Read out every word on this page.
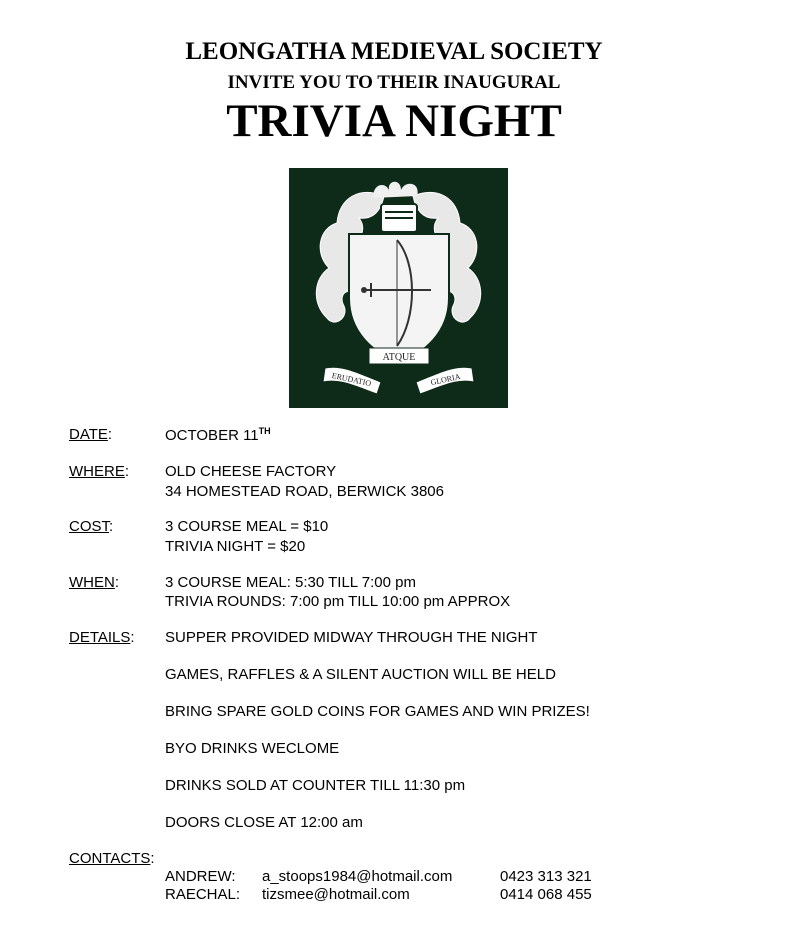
LEONGATHA MEDIEVAL SOCIETY
INVITE YOU TO THEIR INAUGURAL
TRIVIA NIGHT
ATQUE
ERUDATIO	GLORIA
DATE:	OCTOBER 11TH
WHERE: OLD CHEESE FACTORY
34 HOMESTEAD ROAD, BERWICK 3806
COST:	3 COURSE MEAL = $10
TRIVIA NIGHT = $20
WHEN:	3 COURSE MEAL: 5:30 TILL 7:00 pm
TRIVIA ROUNDS: 7:00 pm TILL 10:00 pm APPROX
DETAILS: SUPPER PROVIDED MIDWAY THROUGH THE NIGHT
GAMES, RAFFLES & A SILENT AUCTION WILL BE HELD
BRING SPARE GOLD COINS FOR GAMES AND WIN PRIZES!
BYO DRINKS WECLOME
DRINKS SOLD AT COUNTER TILL 11:30 pm
DOORS CLOSE AT 12:00 am
CONTACTS:
ANDREW: a_stoops1984@hotmail.com	0423 313 321
RAECHAL: tizsmee@hotmail.com	0414 068 455
